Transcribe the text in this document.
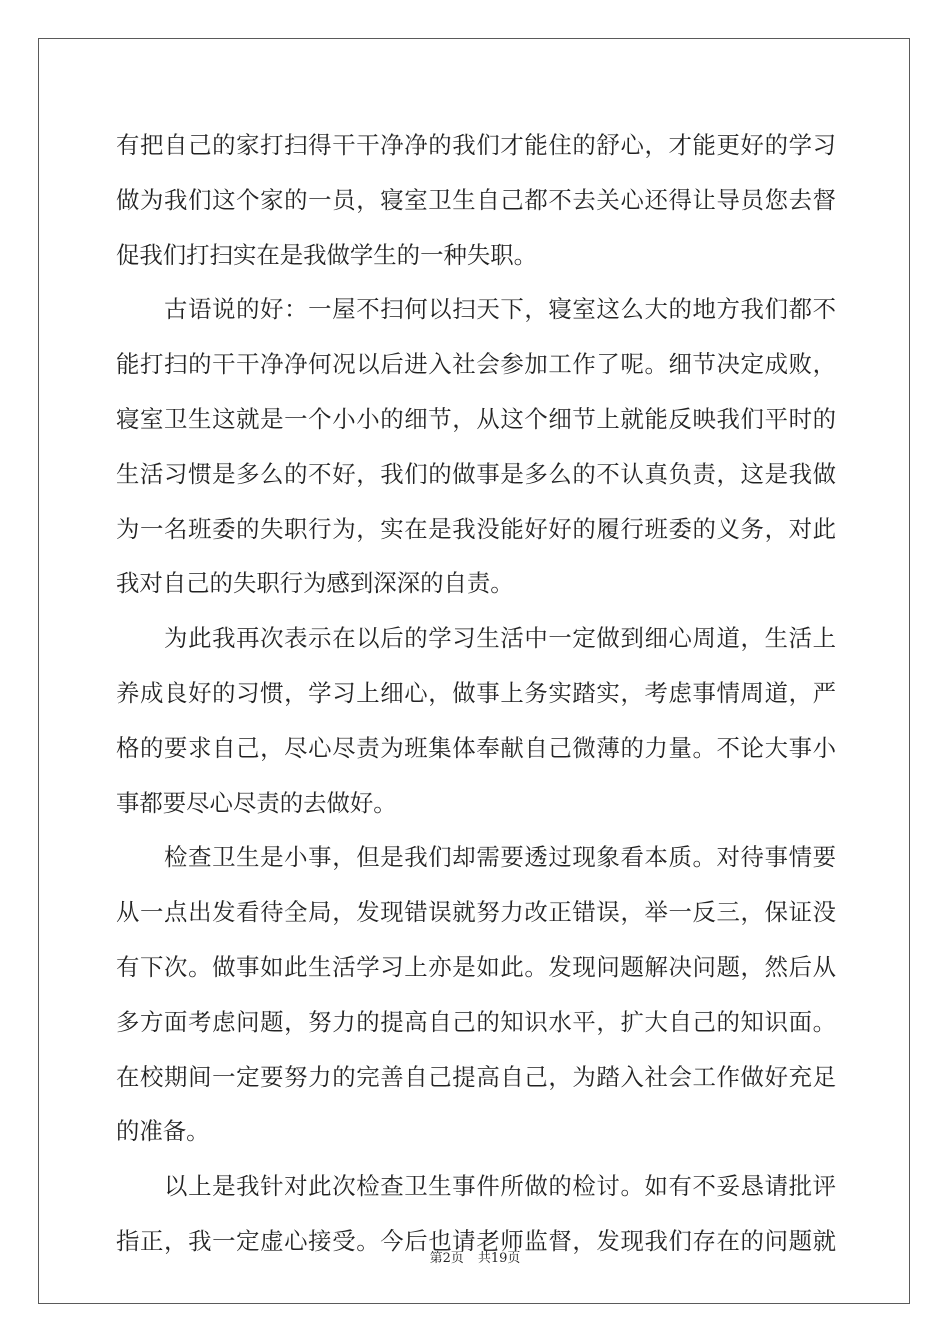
有把自己的家打扫得干干净净的我们才能住的舒心，才能更好的学习
做为我们这个家的一员，寝室卫生自己都不去关心还得让导员您去督
促我们打扫实在是我做学生的一种失职。
　　古语说的好：一屋不扫何以扫天下，寝室这么大的地方我们都不
能打扫的干干净净何况以后进入社会参加工作了呢。细节决定成败，
寝室卫生这就是一个小小的细节，从这个细节上就能反映我们平时的
生活习惯是多么的不好，我们的做事是多么的不认真负责，这是我做
为一名班委的失职行为，实在是我没能好好的履行班委的义务，对此
我对自己的失职行为感到深深的自责。
　　为此我再次表示在以后的学习生活中一定做到细心周道，生活上
养成良好的习惯，学习上细心，做事上务实踏实，考虑事情周道，严
格的要求自己，尽心尽责为班集体奉献自己微薄的力量。不论大事小
事都要尽心尽责的去做好。
　　检查卫生是小事，但是我们却需要透过现象看本质。对待事情要
从一点出发看待全局，发现错误就努力改正错误，举一反三，保证没
有下次。做事如此生活学习上亦是如此。发现问题解决问题，然后从
多方面考虑问题，努力的提高自己的知识水平，扩大自己的知识面。
在校期间一定要努力的完善自己提高自己，为踏入社会工作做好充足
的准备。
　　以上是我针对此次检查卫生事件所做的检讨。如有不妥恳请批评
指正，我一定虚心接受。今后也请老师监督，发现我们存在的问题就
第2页 共19页
